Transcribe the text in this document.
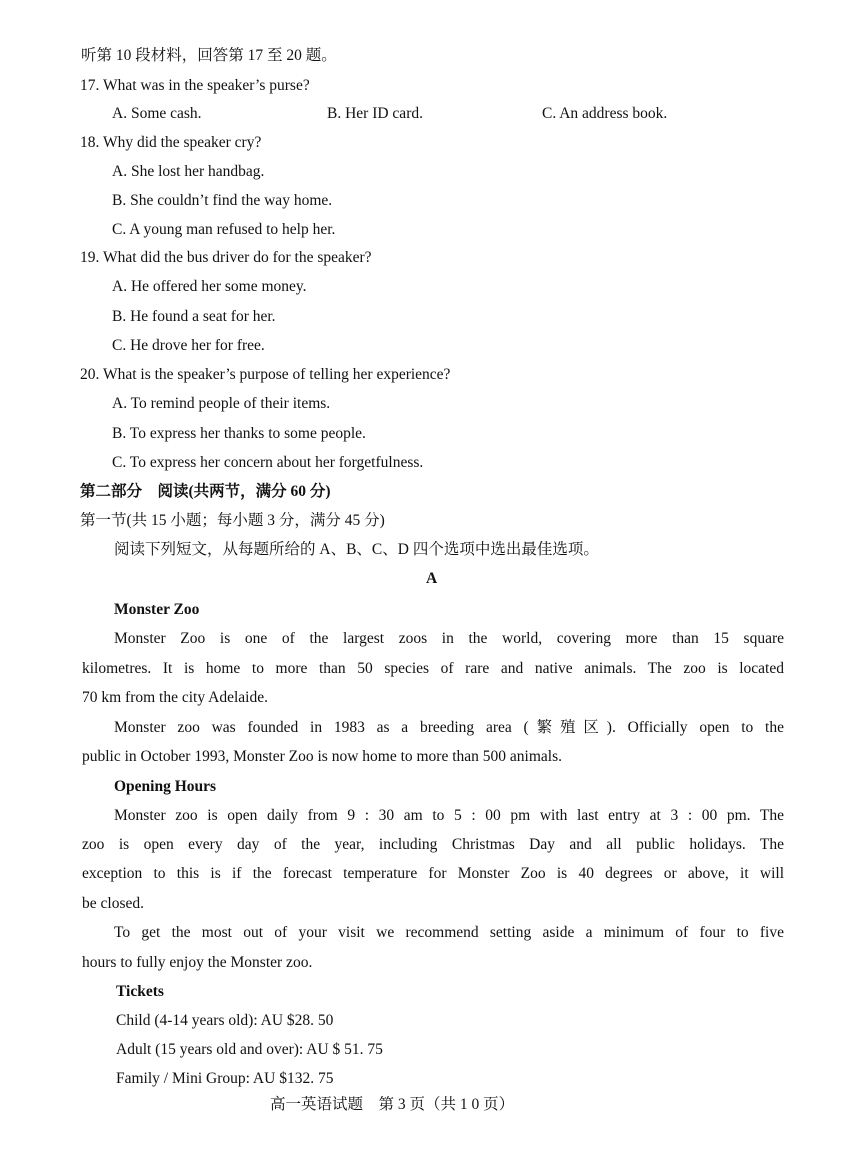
听第 10 段材料，回答第 17 至 20 题。
17. What was in the speaker’s purse?
A. Some cash.	B. Her ID card.	C. An address book.
18. Why did the speaker cry?
A. She lost her handbag.
B. She couldn’t find the way home.
C. A young man refused to help her.
19. What did the bus driver do for the speaker?
A. He offered her some money.
B. He found a seat for her.
C. He drove her for free.
20. What is the speaker’s purpose of telling her experience?
A. To remind people of their items.
B. To express her thanks to some people.
C. To express her concern about her forgetfulness.
第二部分　阅读(共两节，满分 60 分)
第一节(共 15 小题；每小题 3 分，满分 45 分)
阅读下列短文，从每题所给的 A、B、C、D 四个选项中选出最佳选项。
A
Monster Zoo
Monster Zoo is one of the largest zoos in the world, covering more than 15 square
kilometres. It is home to more than 50 species of rare and native animals. The zoo is located
70 km from the city Adelaide.
Monster zoo was founded in 1983 as a breeding area (繁殖区). Officially open to the
public in October 1993, Monster Zoo is now home to more than 500 animals.
Opening Hours
Monster zoo is open daily from 9 : 30 am to 5 : 00 pm with last entry at 3 : 00 pm. The
zoo is open every day of the year, including Christmas Day and all public holidays. The
exception to this is if the forecast temperature for Monster Zoo is 40 degrees or above, it will
be closed.
To get the most out of your visit we recommend setting aside a minimum of four to five
hours to fully enjoy the Monster zoo.
Tickets
Child (4-14 years old): AU $28. 50
Adult (15 years old and over): AU $ 51. 75
Family / Mini Group: AU $132. 75
高一英语试题　第 3 页（共 1 0 页）
